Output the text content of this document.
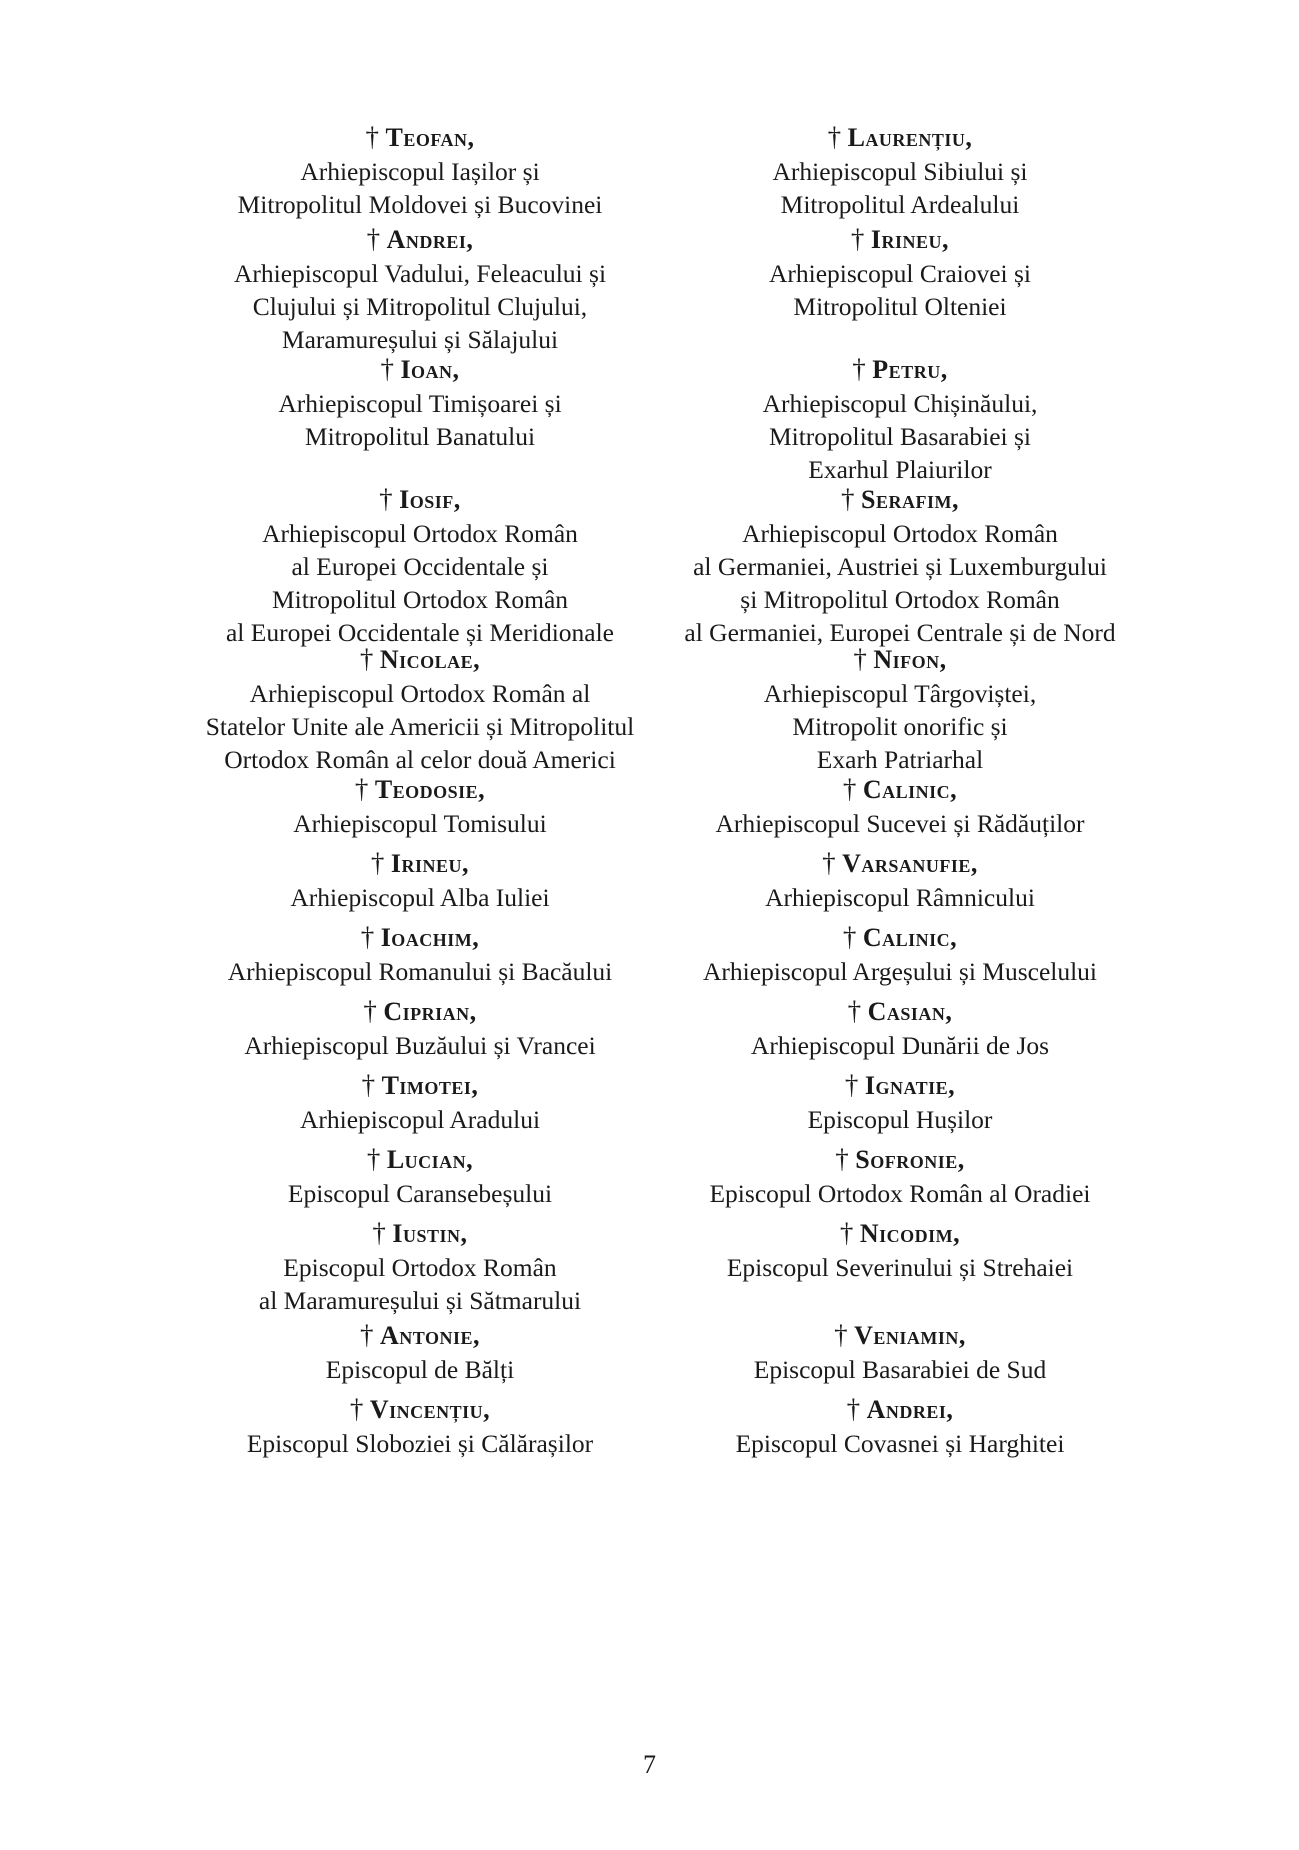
† Teofan,
Arhiepiscopul Iașilor și
Mitropolitul Moldovei și Bucovinei
† Andrei,
Arhiepiscopul Vadului, Feleacului și
Clujului și Mitropolitul Clujului,
Maramureșului și Sălajului
† Ioan,
Arhiepiscopul Timișoarei și
Mitropolitul Banatului
† Iosif,
Arhiepiscopul Ortodox Român
al Europei Occidentale și
Mitropolitul Ortodox Român
al Europei Occidentale și Meridionale
† Nicolae,
Arhiepiscopul Ortodox Român al
Statelor Unite ale Americii și Mitropolitul
Ortodox Român al celor două Americi
† Teodosie,
Arhiepiscopul Tomisului
† Irineu,
Arhiepiscopul Alba Iuliei
† Ioachim,
Arhiepiscopul Romanului și Bacăului
† Ciprian,
Arhiepiscopul Buzăului și Vrancei
† Timotei,
Arhiepiscopul Aradului
† Lucian,
Episcopul Caransebeșului
† Iustin,
Episcopul Ortodox Român
al Maramureșului și Sătmarului
† Antonie,
Episcopul de Bălți
† Vincențiu,
Episcopul Sloboziei și Călărașilor
† Laurențiu,
Arhiepiscopul Sibiului și
Mitropolitul Ardealului
† Irineu,
Arhiepiscopul Craiovei și
Mitropolitul Olteniei
† Petru,
Arhiepiscopul Chișinăului,
Mitropolitul Basarabiei și
Exarhul Plaiurilor
† Serafim,
Arhiepiscopul Ortodox Român
al Germaniei, Austriei și Luxemburgului
și Mitropolitul Ortodox Român
al Germaniei, Europei Centrale și de Nord
† Nifon,
Arhiepiscopul Târgoviștei,
Mitropolit onorific și
Exarh Patriarhal
† Calinic,
Arhiepiscopul Sucevei și Rădăuților
† Varsanufie,
Arhiepiscopul Râmnicului
† Calinic,
Arhiepiscopul Argeșului și Muscelului
† Casian,
Arhiepiscopul Dunării de Jos
† Ignatie,
Episcopul Hușilor
† Sofronie,
Episcopul Ortodox Român al Oradiei
† Nicodim,
Episcopul Severinului și Strehaiei
† Veniamin,
Episcopul Basarabiei de Sud
† Andrei,
Episcopul Covasnei și Harghitei
7
